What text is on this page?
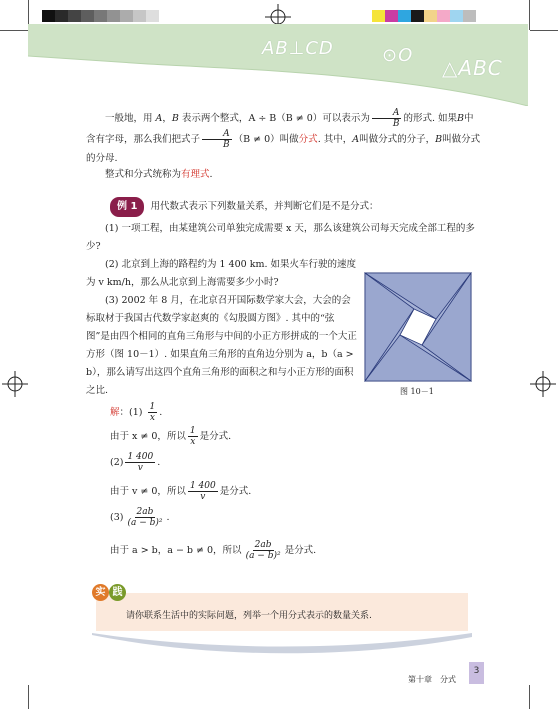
AB⊥CD	⊙O
△ABC
一般地，用 A，B 表示两个整式，A ÷ B（B ≠ 0）可以表示为 $\frac{A}{B}$ 的形式. 如果B中含有字母，那么我们把式子 $\frac{A}{B} (B \ne 0)$叫做分式. 其中，A叫做分式的分子，B叫做分式的分母.
整式和分式统称为有理式.
例 1 用代数式表示下列数量关系，并判断它们是不是分式：
(1) 一项工程，由某建筑公司单独完成需要 x 天，那么该建筑公司每天完成全部工程的多少?
(2) 北京到上海的路程约为 1 400 km. 如果火车行驶的速度为 v km/h，那么从北京到上海需要多少小时?
(3) 2002 年 8 月，在北京召开国际数学家大会，大会的会标取材于我国古代数学家赵爽的《勾股圆方图》. 其中的“弦图”是由四个相同的直角三角形与中间的小正方形拼成的一个大正方形（图 10－1）. 如果直角三角形的直角边分别为 a，b（a > b），那么请写出这四个直角三角形的面积之和与小正方形的面积之比.	图 10－1
解：$(1) \frac{1}{x}$ .
由于 x ≠ 0，所以 $\frac{1}{x}$ 是分式.
$(2) \frac{1 400}{v}$ .
由于 v ≠ 0，所以 $\frac{1 400}{v}$ 是分式.
$(3) \frac{2ab}{\text{(a − b)²}}$ .
由于 a > b，a − b ≠ 0，所以 $\frac{2ab}{\text{(a − b)²}}$ 是分式.
实 践
请你联系生活中的实际问题，列举一个用分式表示的数量关系.
第十章　分式
3
